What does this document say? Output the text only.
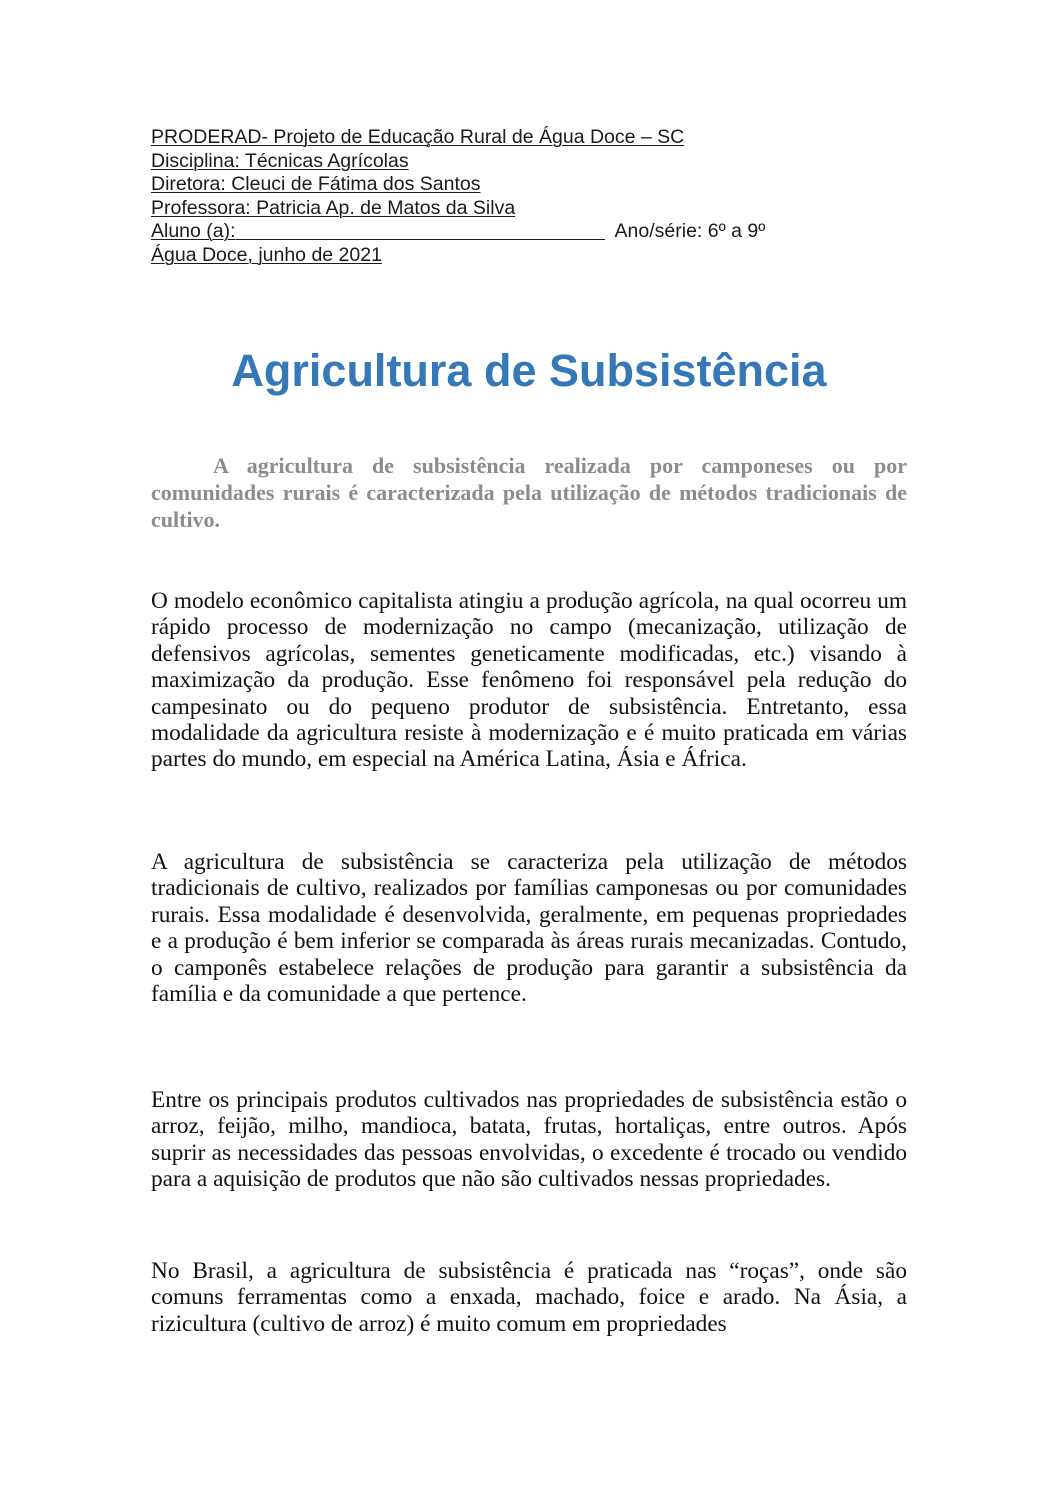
PRODERAD- Projeto de Educação Rural de Água Doce – SC
Disciplina: Técnicas Agrícolas
Diretora: Cleuci de Fátima dos Santos
Professora: Patricia Ap. de Matos da Silva
Aluno (a):	Ano/série: 6º a 9º
Água Doce, junho de 2021
Agricultura de Subsistência

A agricultura de subsistência realizada por camponeses ou por comunidades rurais é caracterizada pela utilização de métodos tradicionais de cultivo.

O modelo econômico capitalista atingiu a produção agrícola, na qual ocorreu um rápido processo de modernização no campo (mecanização, utilização de defensivos agrícolas, sementes geneticamente modificadas, etc.) visando à maximização da produção. Esse fenômeno foi responsável pela redução do campesinato ou do pequeno produtor de subsistência. Entretanto, essa modalidade da agricultura resiste à modernização e é muito praticada em várias partes do mundo, em especial na América Latina, Ásia e África.

A agricultura de subsistência se caracteriza pela utilização de métodos tradicionais de cultivo, realizados por famílias camponesas ou por comunidades rurais. Essa modalidade é desenvolvida, geralmente, em pequenas propriedades e a produção é bem inferior se comparada às áreas rurais mecanizadas. Contudo, o camponês estabelece relações de produção para garantir a subsistência da família e da comunidade a que pertence.

Entre os principais produtos cultivados nas propriedades de subsistência estão o arroz, feijão, milho, mandioca, batata, frutas, hortaliças, entre outros. Após suprir as necessidades das pessoas envolvidas, o excedente é trocado ou vendido para a aquisição de produtos que não são cultivados nessas propriedades.

No Brasil, a agricultura de subsistência é praticada nas “roças”, onde são comuns ferramentas como a enxada, machado, foice e arado. Na Ásia, a rizicultura (cultivo de arroz) é muito comum em propriedades
